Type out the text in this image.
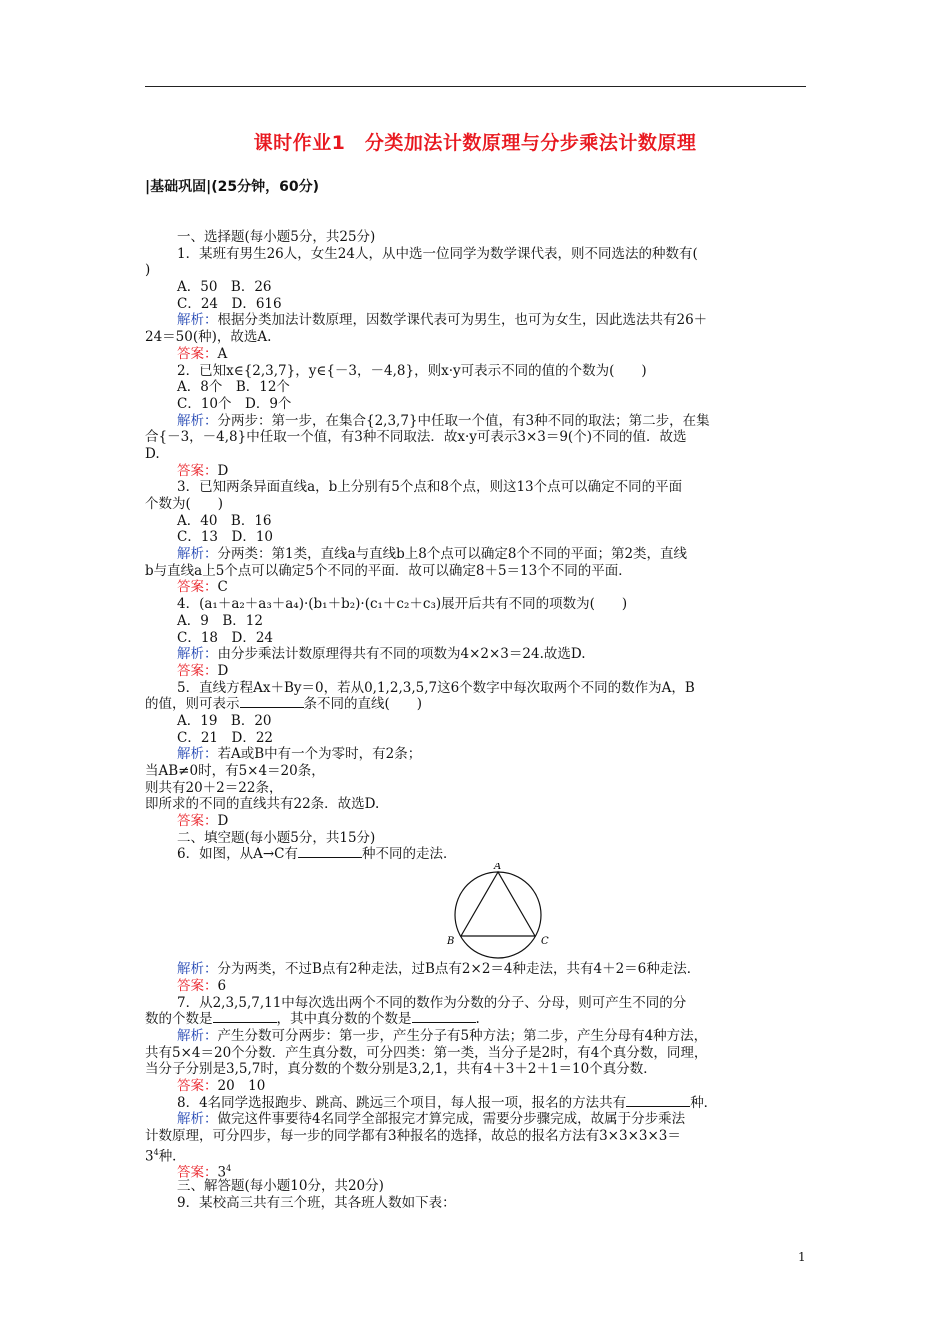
课时作业1　分类加法计数原理与分步乘法计数原理
|基础巩固|(25分钟，60分)
一、选择题(每小题5分，共25分)
1．某班有男生26人，女生24人，从中选一位同学为数学课代表，则不同选法的种数有(
)
A．50　B．26
C．24　D．616
解析：根据分类加法计数原理，因数学课代表可为男生，也可为女生，因此选法共有26＋
24＝50(种)，故选A.
答案：A
2．已知x∈{2,3,7}，y∈{－3，－4,8}，则x·y可表示不同的值的个数为(　　)
A．8个　B．12个
C．10个　D．9个
解析：分两步：第一步，在集合{2,3,7}中任取一个值，有3种不同的取法；第二步，在集
合{－3，－4,8}中任取一个值，有3种不同取法．故x·y可表示3×3＝9(个)不同的值．故选
D.
答案：D
3．已知两条异面直线a，b上分别有5个点和8个点，则这13个点可以确定不同的平面
个数为(　　)
A．40　B．16
C．13　D．10
解析：分两类：第1类，直线a与直线b上8个点可以确定8个不同的平面；第2类，直线
b与直线a上5个点可以确定5个不同的平面．故可以确定8＋5＝13个不同的平面．
答案：C
4．(a₁＋a₂＋a₃＋a₄)·(b₁＋b₂)·(c₁＋c₂＋c₃)展开后共有不同的项数为(　　)
A．9　B．12
C．18　D．24
解析：由分步乘法计数原理得共有不同的项数为4×2×3＝24.故选D.
答案：D
5．直线方程Ax＋By＝0，若从0,1,2,3,5,7这6个数字中每次取两个不同的数作为A，B
的值，则可表示	条不同的直线(　　)
A．19　B．20
C．21　D．22
解析：若A或B中有一个为零时，有2条；
当AB≠0时，有5×4＝20条，
则共有20＋2＝22条，
即所求的不同的直线共有22条．故选D.
答案：D
二、填空题(每小题5分，共15分)
6．如图，从A→C有	种不同的走法．
A
B	C
解析：分为两类，不过B点有2种走法，过B点有2×2＝4种走法，共有4＋2＝6种走法．
答案：6
7．从2,3,5,7,11中每次选出两个不同的数作为分数的分子、分母，则可产生不同的分
数的个数是	，其中真分数的个数是	.
解析：产生分数可分两步：第一步，产生分子有5种方法；第二步，产生分母有4种方法，
共有5×4＝20个分数．产生真分数，可分四类：第一类，当分子是2时，有4个真分数，同理，
当分子分别是3,5,7时，真分数的个数分别是3,2,1，共有4＋3＋2＋1＝10个真分数．
答案：20　10
8．4名同学选报跑步、跳高、跳远三个项目，每人报一项，报名的方法共有	种．
解析：做完这件事要待4名同学全部报完才算完成，需要分步骤完成，故属于分步乘法
计数原理，可分四步，每一步的同学都有3种报名的选择，故总的报名方法有3×3×3×3＝
$3^4$种．
答案：$3^4$
三、解答题(每小题10分，共20分)
9．某校高三共有三个班，其各班人数如下表：
1
